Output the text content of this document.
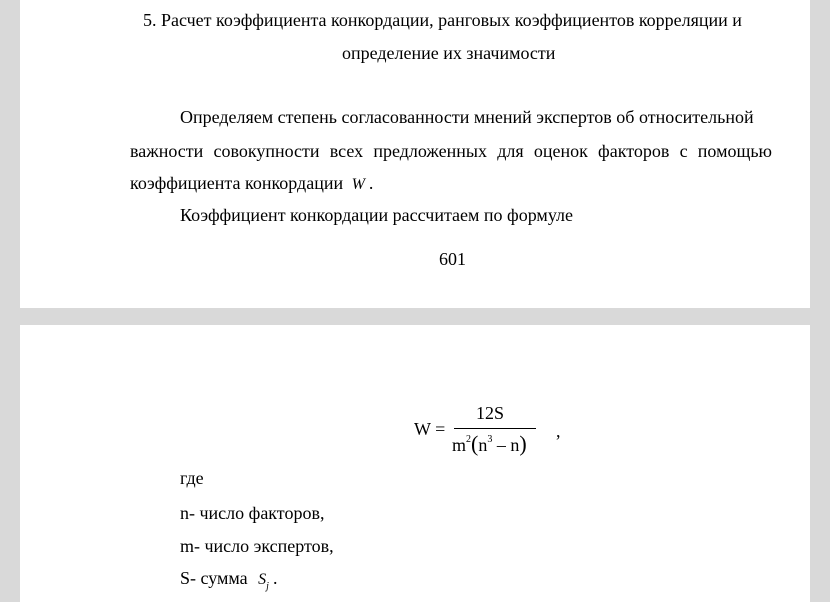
5. Расчет коэффициента конкордации, ранговых коэффициентов корреляции и
определение их значимости
Определяем степень согласованности мнений экспертов об относительной
важности совокупности всех предложенных для оценок факторов с помощью
коэффициента конкордации W .
Коэффициент конкордации рассчитаем по формуле
601
W =
12S
$m^2(n^3 - n)$ ,
где
n- число факторов,
m- число экспертов,
S- сумма $S_j$ .
